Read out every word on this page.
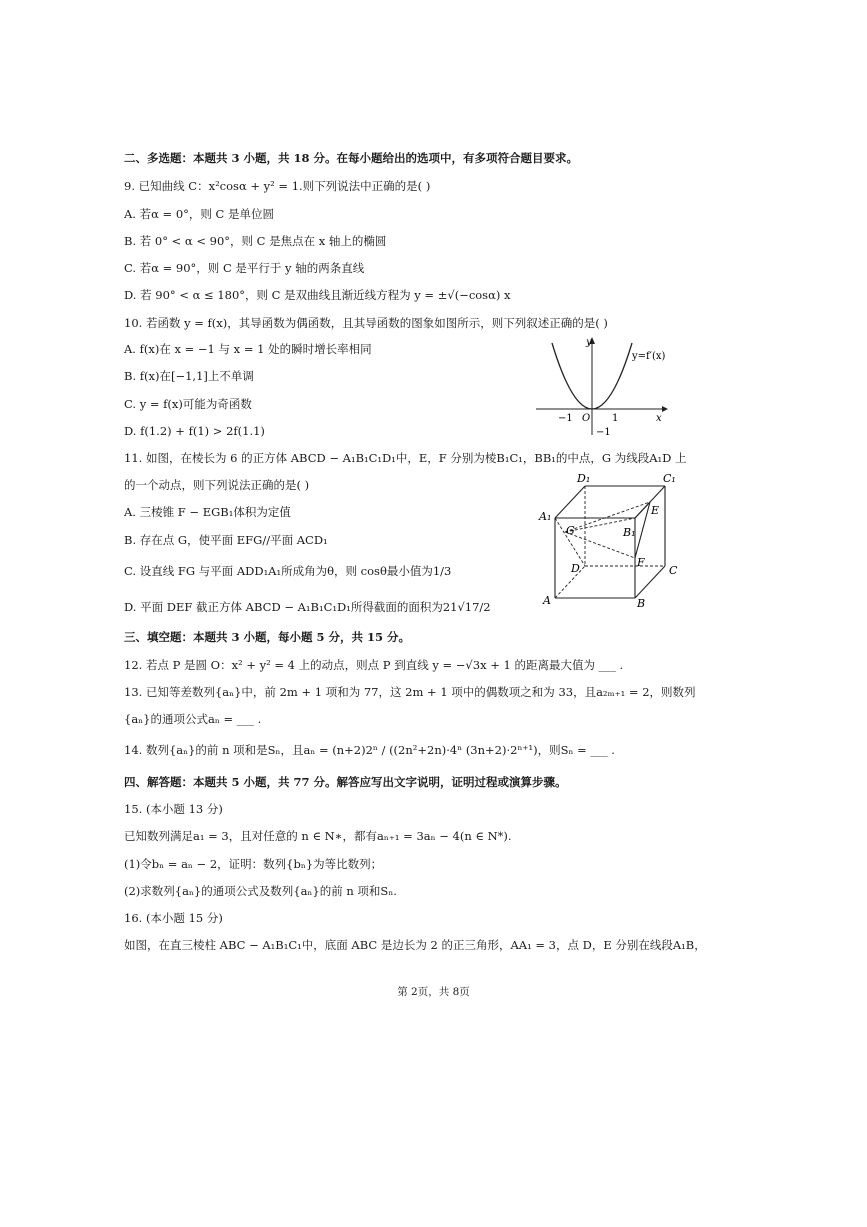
二、多选题：本题共 3 小题，共 18 分。在每小题给出的选项中，有多项符合题目要求。
9. 已知曲线 C：x²cosα + y² = 1.则下列说法中正确的是( )
A. 若α = 0°，则 C 是单位圆
B. 若 0° < α < 90°，则 C 是焦点在 x 轴上的椭圆
C. 若α = 90°，则 C 是平行于 y 轴的两条直线
D. 若 90° < α ≤ 180°，则 C 是双曲线且渐近线方程为 y = ±√(−cosα) x
10. 若函数 y = f(x)，其导函数为偶函数，且其导函数的图象如图所示，则下列叙述正确的是( )
A. f(x)在 x = −1 与 x = 1 处的瞬时增长率相同
B. f(x)在[−1,1]上不单调
C. y = f(x)可能为奇函数
D. f(1.2) + f(1) > 2f(1.1)
y
x
y=f′(x)
O
−1	1
−1
11. 如图，在棱长为 6 的正方体 ABCD − A₁B₁C₁D₁中，E，F 分别为棱B₁C₁，BB₁的中点，G 为线段A₁D 上
的一个动点，则下列说法正确的是( )
A. 三棱锥 F − EGB₁体积为定值
B. 存在点 G，使平面 EFG//平面 ACD₁
C. 设直线 FG 与平面 ADD₁A₁所成角为θ，则 cosθ最小值为1/3
D. 平面 DEF 截正方体 ABCD − A₁B₁C₁D₁所得截面的面积为21√17/2
D₁	C₁
A₁	E
G	B₁
F
D	C
A	B
三、填空题：本题共 3 小题，每小题 5 分，共 15 分。
12. 若点 P 是圆 O：x² + y² = 4 上的动点，则点 P 到直线 y = −√3x + 1 的距离最大值为 ___ .
13. 已知等差数列{aₙ}中，前 2m + 1 项和为 77，这 2m + 1 项中的偶数项之和为 33，且a₂ₘ₊₁ = 2，则数列
{aₙ}的通项公式aₙ = ___ .
14. 数列{aₙ}的前 n 项和是Sₙ，且aₙ = (n+2)2ⁿ / ((2n²+2n)·4ⁿ (3n+2)·2ⁿ⁺¹)，则Sₙ = ___ .
四、解答题：本题共 5 小题，共 77 分。解答应写出文字说明，证明过程或演算步骤。
15. (本小题 13 分)
已知数列满足a₁ = 3，且对任意的 n ∈ N∗，都有aₙ₊₁ = 3aₙ − 4(n ∈ N*).
(1)令bₙ = aₙ − 2，证明：数列{bₙ}为等比数列；
(2)求数列{aₙ}的通项公式及数列{aₙ}的前 n 项和Sₙ.
16. (本小题 15 分)
如图，在直三棱柱 ABC − A₁B₁C₁中，底面 ABC 是边长为 2 的正三角形，AA₁ = 3，点 D，E 分别在线段A₁B，
第 2页，共 8页
